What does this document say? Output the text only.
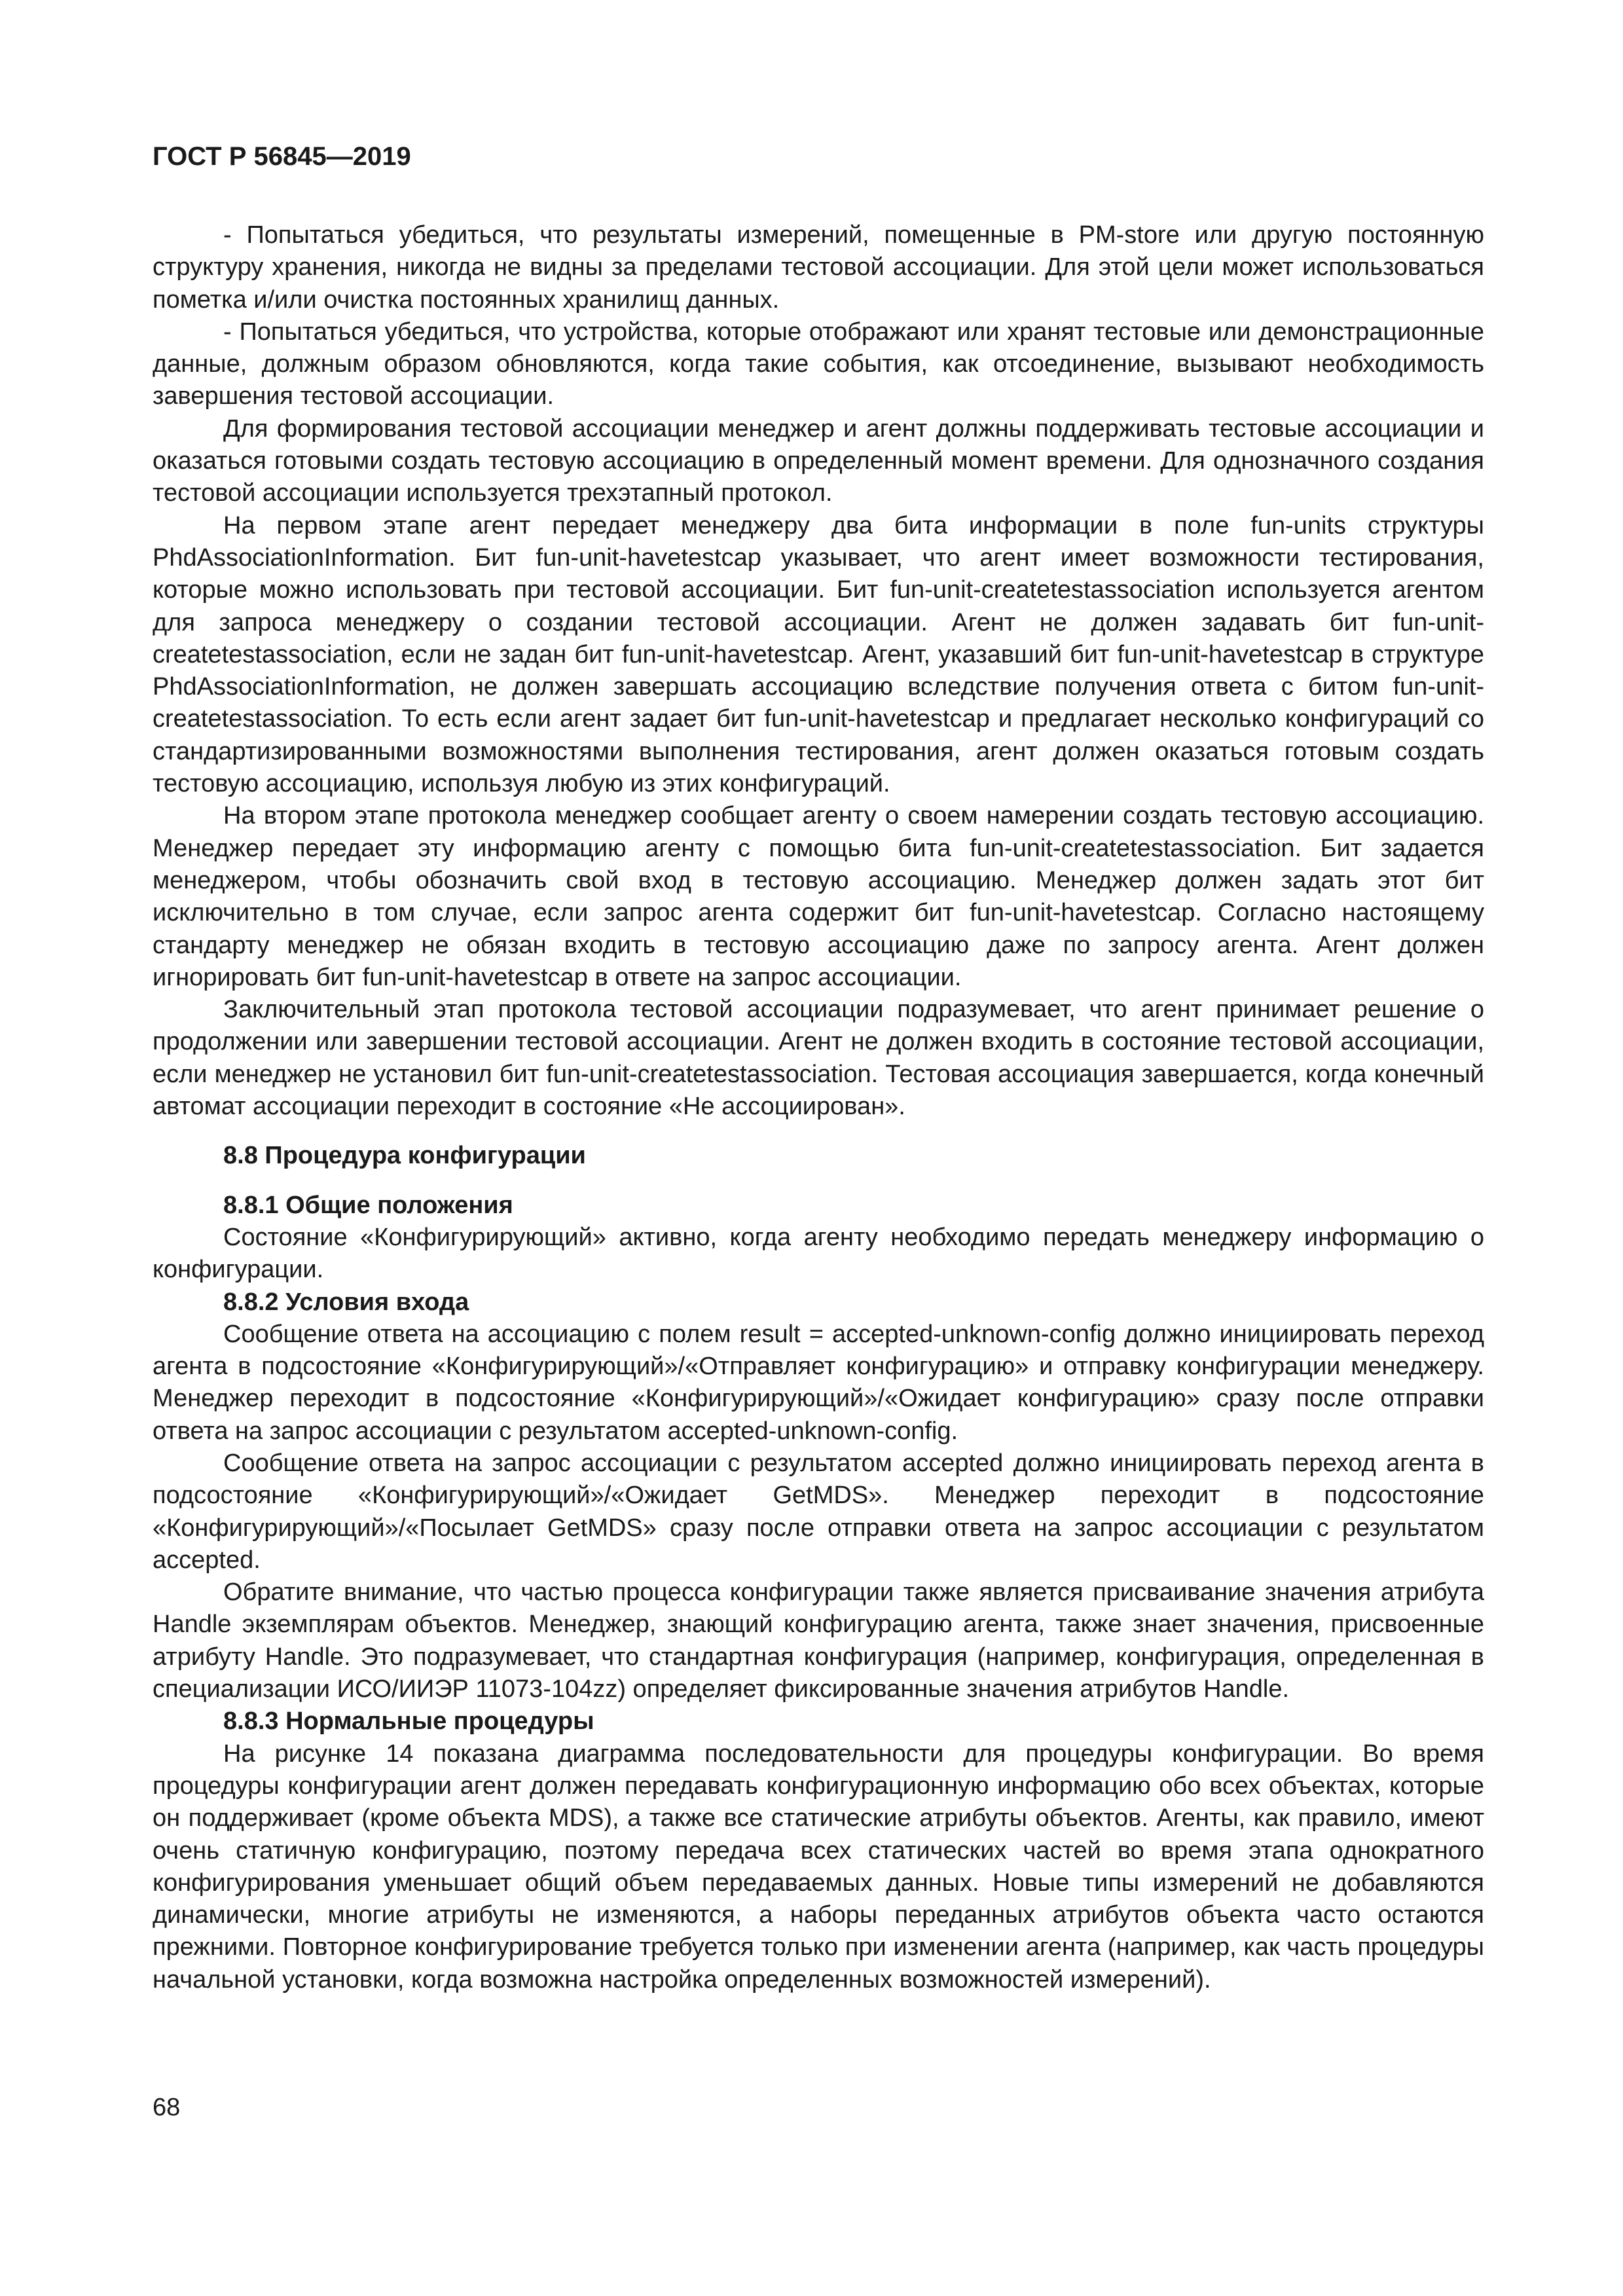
ГОСТ Р 56845—2019

- Попытаться убедиться, что результаты измерений, помещенные в PM-store или другую постоянную структуру хранения, никогда не видны за пределами тестовой ассоциации. Для этой цели может использоваться пометка и/или очистка постоянных хранилищ данных.

- Попытаться убедиться, что устройства, которые отображают или хранят тестовые или демонстрационные данные, должным образом обновляются, когда такие события, как отсоединение, вызывают необходимость завершения тестовой ассоциации.

Для формирования тестовой ассоциации менеджер и агент должны поддерживать тестовые ассоциации и оказаться готовыми создать тестовую ассоциацию в определенный момент времени. Для однозначного создания тестовой ассоциации используется трехэтапный протокол.

На первом этапе агент передает менеджеру два бита информации в поле fun-units структуры PhdAssociationInformation. Бит fun-unit-havetestcap указывает, что агент имеет возможности тестирования, которые можно использовать при тестовой ассоциации. Бит fun-unit-createtestassociation используется агентом для запроса менеджеру о создании тестовой ассоциации. Агент не должен задавать бит fun-unit-createtestassociation, если не задан бит fun-unit-havetestcap. Агент, указавший бит fun-unit-havetestcap в структуре PhdAssociationInformation, не должен завершать ассоциацию вследствие получения ответа с битом fun-unit-createtestassociation. То есть если агент задает бит fun-unit-havetestcap и предлагает несколько конфигураций со стандартизированными возможностями выполнения тестирования, агент должен оказаться готовым создать тестовую ассоциацию, используя любую из этих конфигураций.

На втором этапе протокола менеджер сообщает агенту о своем намерении создать тестовую ассоциацию. Менеджер передает эту информацию агенту с помощью бита fun-unit-createtestassociation. Бит задается менеджером, чтобы обозначить свой вход в тестовую ассоциацию. Менеджер должен задать этот бит исключительно в том случае, если запрос агента содержит бит fun-unit-havetestcap. Согласно настоящему стандарту менеджер не обязан входить в тестовую ассоциацию даже по запросу агента. Агент должен игнорировать бит fun-unit-havetestcap в ответе на запрос ассоциации.

Заключительный этап протокола тестовой ассоциации подразумевает, что агент принимает решение о продолжении или завершении тестовой ассоциации. Агент не должен входить в состояние тестовой ассоциации, если менеджер не установил бит fun-unit-createtestassociation. Тестовая ассоциация завершается, когда конечный автомат ассоциации переходит в состояние «Не ассоциирован».

8.8 Процедура конфигурации
8.8.1 Общие положения

Состояние «Конфигурирующий» активно, когда агенту необходимо передать менеджеру информацию о конфигурации.

8.8.2 Условия входа

Сообщение ответа на ассоциацию с полем result = accepted-unknown-config должно инициировать переход агента в подсостояние «Конфигурирующий»/«Отправляет конфигурацию» и отправку конфигурации менеджеру. Менеджер переходит в подсостояние «Конфигурирующий»/«Ожидает конфигурацию» сразу после отправки ответа на запрос ассоциации с результатом accepted-unknown-config.

Сообщение ответа на запрос ассоциации с результатом accepted должно инициировать переход агента в подсостояние «Конфигурирующий»/«Ожидает GetMDS». Менеджер переходит в подсостояние «Конфигурирующий»/«Посылает GetMDS» сразу после отправки ответа на запрос ассоциации с результатом accepted.

Обратите внимание, что частью процесса конфигурации также является присваивание значения атрибута Handle экземплярам объектов. Менеджер, знающий конфигурацию агента, также знает значения, присвоенные атрибуту Handle. Это подразумевает, что стандартная конфигурация (например, конфигурация, определенная в специализации ИСО/ИИЭР 11073-104zz) определяет фиксированные значения атрибутов Handle.

8.8.3 Нормальные процедуры

На рисунке 14 показана диаграмма последовательности для процедуры конфигурации. Во время процедуры конфигурации агент должен передавать конфигурационную информацию обо всех объектах, которые он поддерживает (кроме объекта MDS), а также все статические атрибуты объектов. Агенты, как правило, имеют очень статичную конфигурацию, поэтому передача всех статических частей во время этапа однократного конфигурирования уменьшает общий объем передаваемых данных. Новые типы измерений не добавляются динамически, многие атрибуты не изменяются, а наборы переданных атрибутов объекта часто остаются прежними. Повторное конфигурирование требуется только при изменении агента (например, как часть процедуры начальной установки, когда возможна настройка определенных возможностей измерений).

68
